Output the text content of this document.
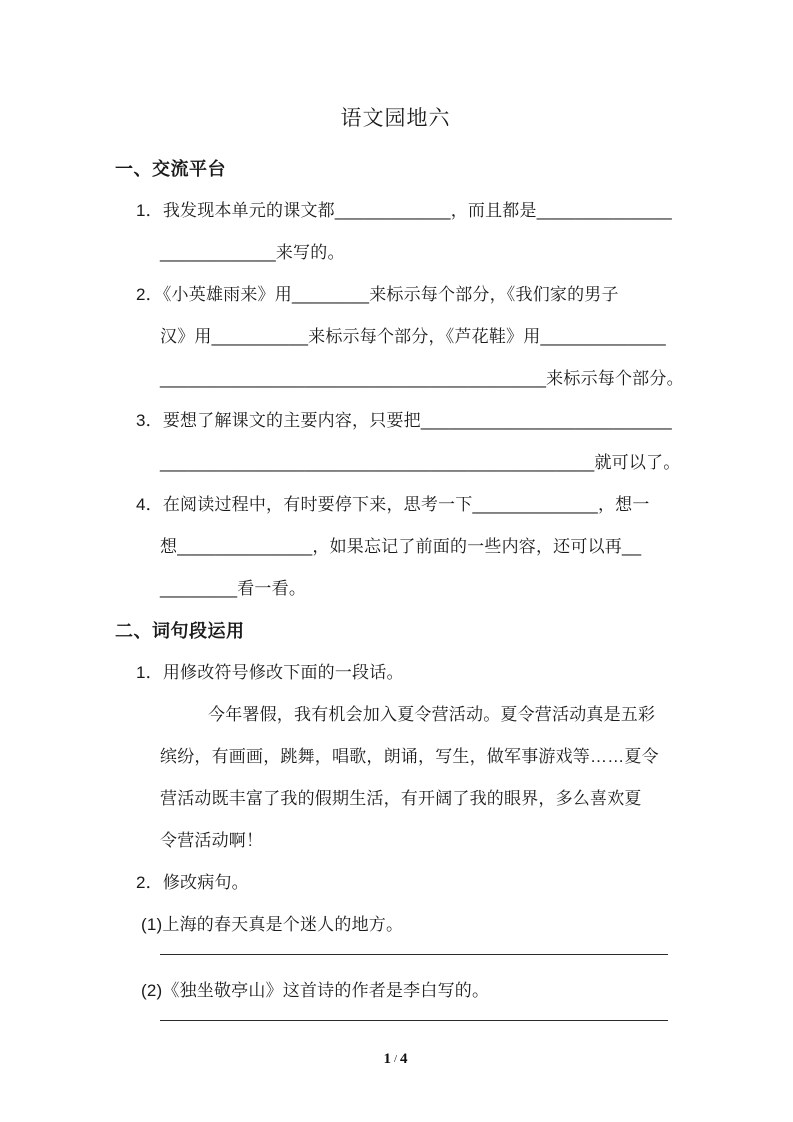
语文园地六
一、交流平台
1．我发现本单元的课文都____________，而且都是______________
____________来写的。
2．《小英雄雨来》用________来标示每个部分，《我们家的男子
汉》用__________来标示每个部分，《芦花鞋》用_____________
________________________________________来标示每个部分。
3．要想了解课文的主要内容，只要把__________________________
_____________________________________________就可以了。
4．在阅读过程中，有时要停下来，思考一下_____________，想一
想______________，如果忘记了前面的一些内容，还可以再__
________看一看。
二、词句段运用
1．用修改符号修改下面的一段话。
今年署假，我有机会加入夏令营活动。夏令营活动真是五彩
缤纷，有画画，跳舞，唱歌，朗诵，写生，做军事游戏等……夏令
营活动既丰富了我的假期生活，有开阔了我的眼界，多么喜欢夏
令营活动啊！
2．修改病句。
(1)上海的春天真是个迷人的地方。
(2)《独坐敬亭山》这首诗的作者是李白写的。
1 / 4
